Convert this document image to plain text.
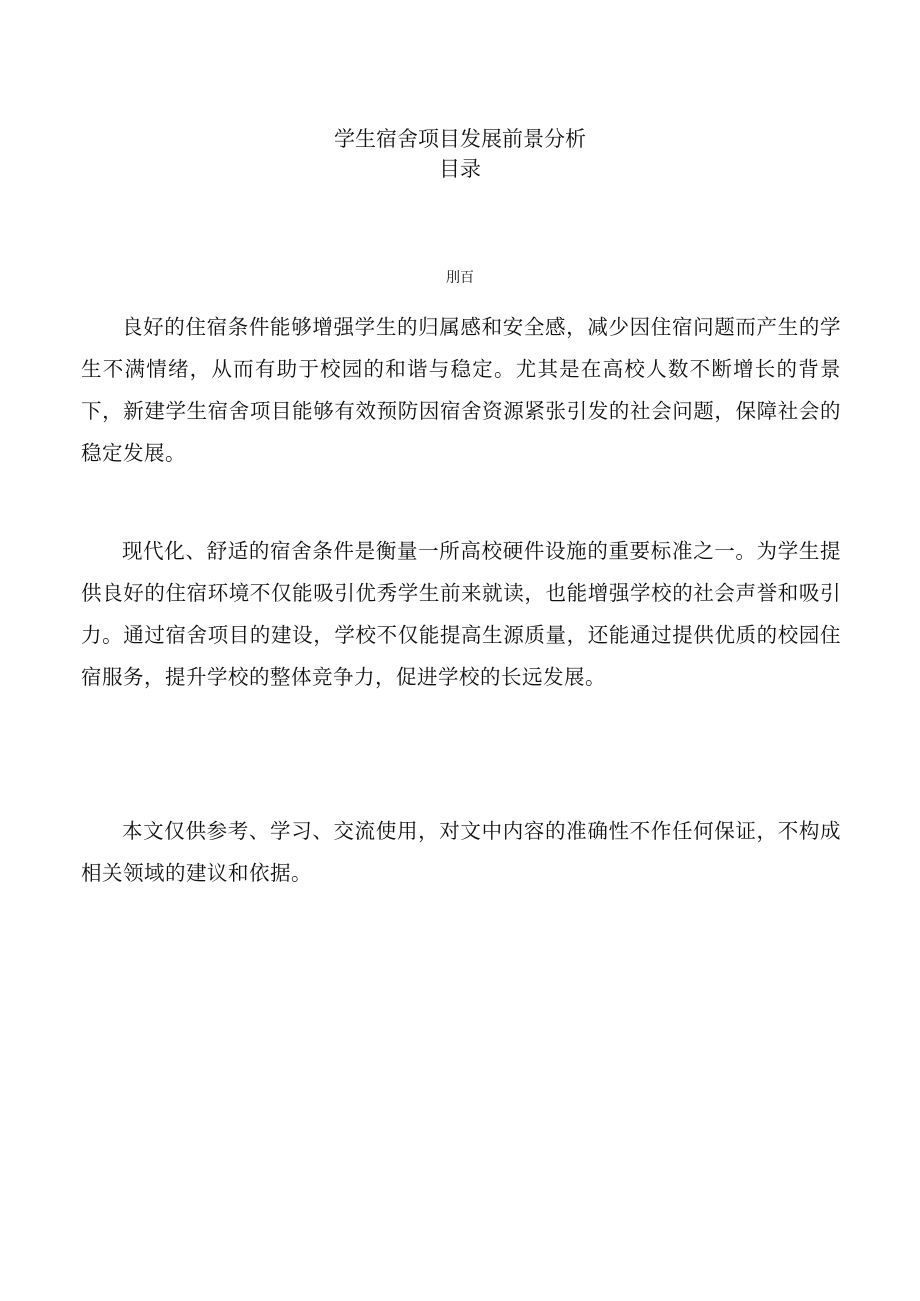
学生宿舍项目发展前景分析
目录
刖百

良好的住宿条件能够增强学生的归属感和安全感，减少因住宿问题而产生的学生不满情绪，从而有助于校园的和谐与稳定。尤其是在高校人数不断增长的背景下，新建学生宿舍项目能够有效预防因宿舍资源紧张引发的社会问题，保障社会的稳定发展。

现代化、舒适的宿舍条件是衡量一所高校硬件设施的重要标准之一。为学生提供良好的住宿环境不仅能吸引优秀学生前来就读，也能增强学校的社会声誉和吸引力。通过宿舍项目的建设，学校不仅能提高生源质量，还能通过提供优质的校园住宿服务，提升学校的整体竞争力，促进学校的长远发展。

本文仅供参考、学习、交流使用，对文中内容的准确性不作任何保证，不构成相关领域的建议和依据。
